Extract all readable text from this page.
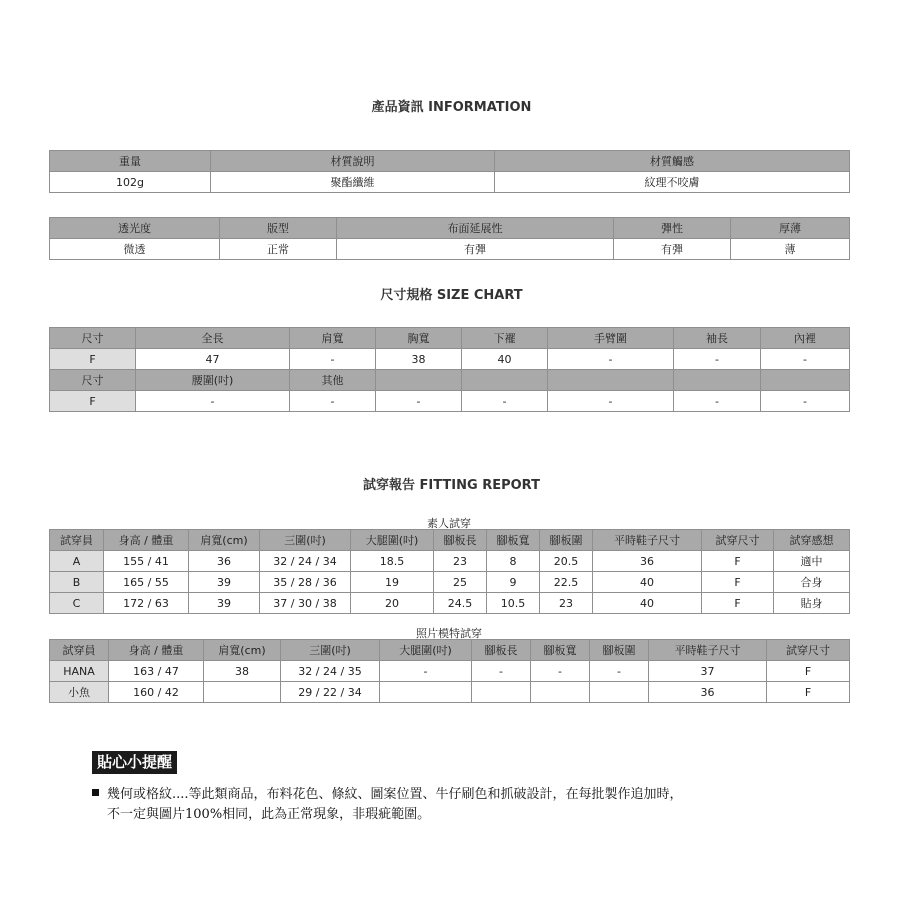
產品資訊 INFORMATION
重量	材質說明	材質觸感
102g	聚酯纖維	紋理不咬膚
透光度	版型	布面延展性	彈性	厚薄
微透	正常	有彈	有彈	薄
尺寸規格 SIZE CHART
尺寸	全長	肩寬	胸寬	下襬	手臂圍	袖長	內裡
F	47	-	38	40	-	-	-
尺寸	腰圍(吋)	其他					
F	-	-	-	-	-	-	-
試穿報告 FITTING REPORT
素人試穿
試穿員	身高 / 體重	肩寬(cm)	三圍(吋)	大腿圍(吋)	腳板長	腳板寬	腳板圍	平時鞋子尺寸	試穿尺寸	試穿感想
A	155 / 41	36	32 / 24 / 34	18.5	23	8	20.5	36	F	適中
B	165 / 55	39	35 / 28 / 36	19	25	9	22.5	40	F	合身
C	172 / 63	39	37 / 30 / 38	20	24.5	10.5	23	40	F	貼身
照片模特試穿
試穿員	身高 / 體重	肩寬(cm)	三圍(吋)	大腿圍(吋)	腳板長	腳板寬	腳板圍	平時鞋子尺寸	試穿尺寸
HANA	163 / 47	38	32 / 24 / 35	-	-	-	-	37	F
小魚	160 / 42		29 / 22 / 34					36	F
貼心小提醒
幾何或格紋....等此類商品，布料花色、條紋、圖案位置、牛仔刷色和抓破設計，在每批製作追加時，
不一定與圖片100%相同，此為正常現象，非瑕疵範圍。
